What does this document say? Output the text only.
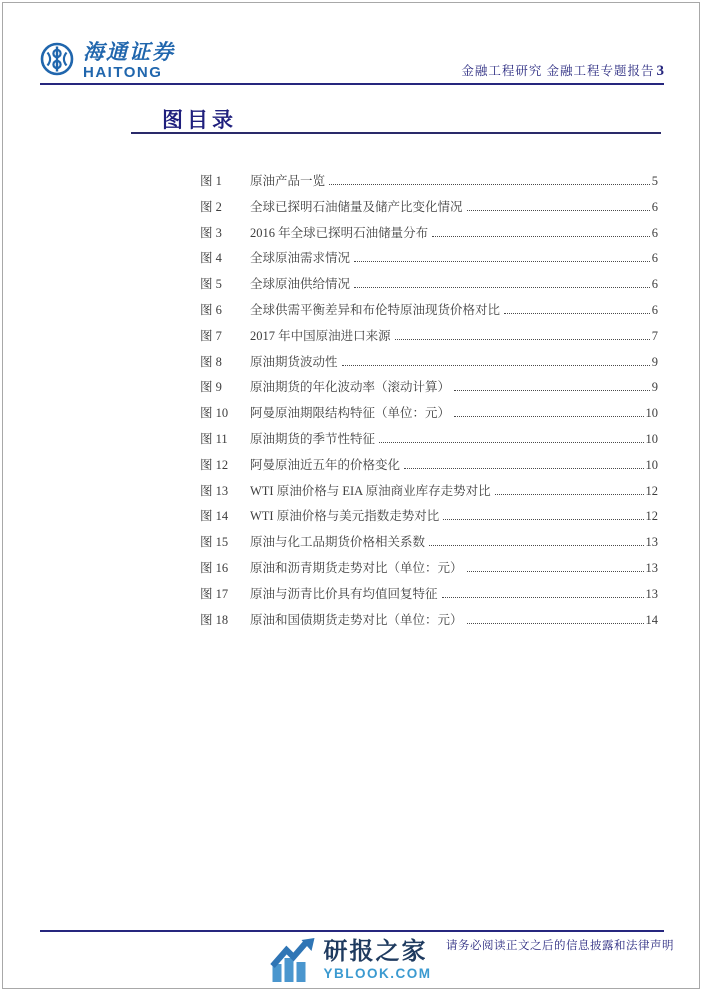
海通证券
HAITONG	金融工程研究 金融工程专题报告 3
图目录
图 1	原油产品一览	5
图 2	全球已探明石油储量及储产比变化情况	6
图 3	2016 年全球已探明石油储量分布	6
图 4	全球原油需求情况	6
图 5	全球原油供给情况	6
图 6	全球供需平衡差异和布伦特原油现货价格对比	6
图 7	2017 年中国原油进口来源	7
图 8	原油期货波动性	9
图 9	原油期货的年化波动率（滚动计算）	9
图 10	阿曼原油期限结构特征（单位：元）	10
图 11	原油期货的季节性特征	10
图 12	阿曼原油近五年的价格变化	10
图 13	WTI 原油价格与 EIA 原油商业库存走势对比	12
图 14	WTI 原油价格与美元指数走势对比	12
图 15	原油与化工品期货价格相关系数	13
图 16	原油和沥青期货走势对比（单位：元）	13
图 17	原油与沥青比价具有均值回复特征	13
图 18	原油和国债期货走势对比（单位：元）	14
研报之家
YBLOOK.COM
请务必阅读正文之后的信息披露和法律声明
